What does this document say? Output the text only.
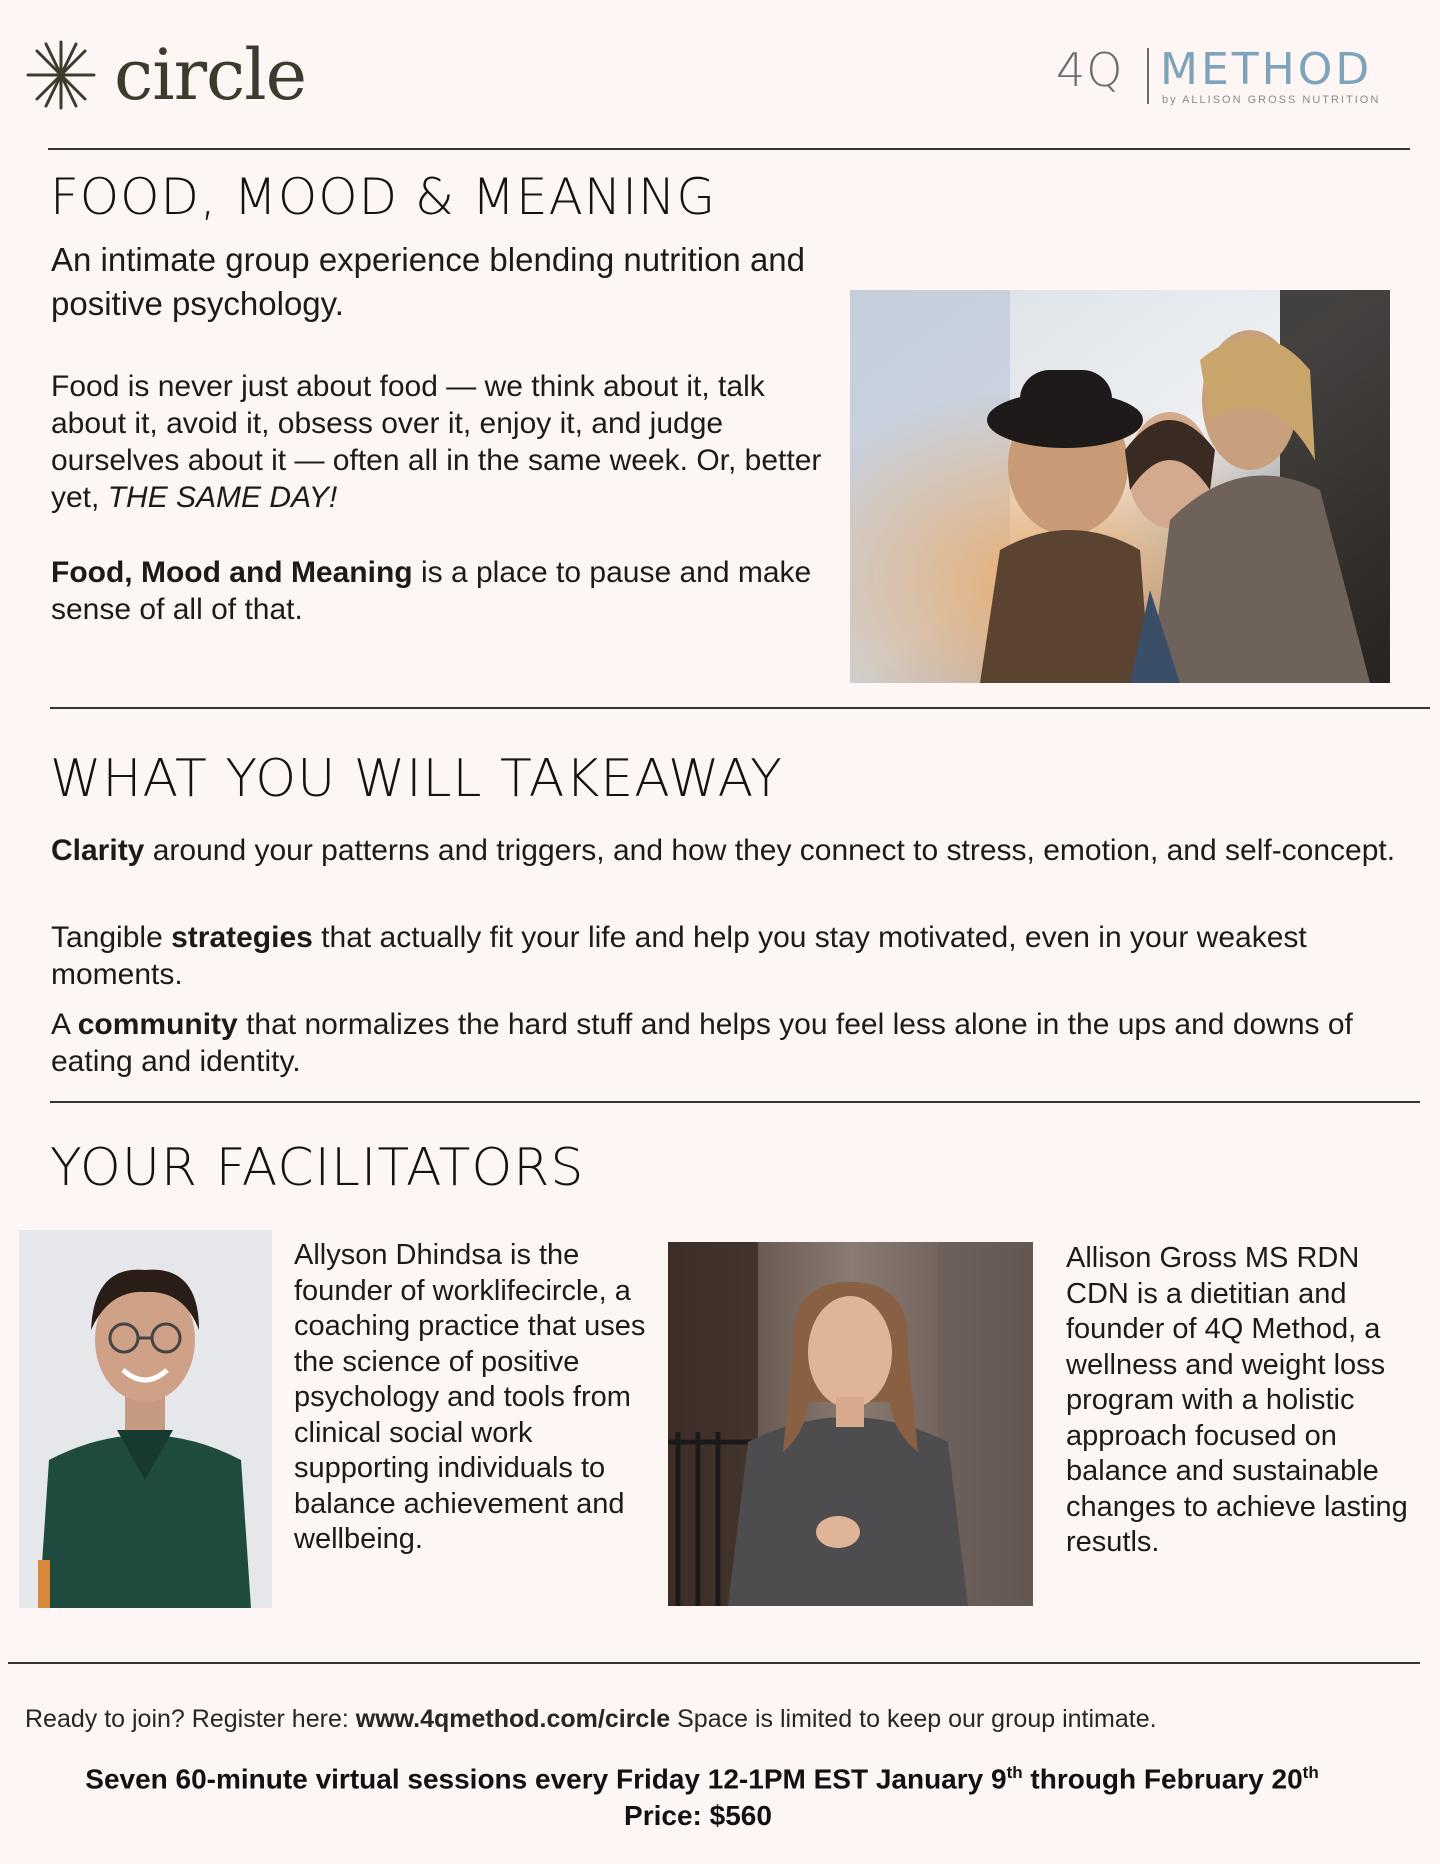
circle	4Q METHOD
by ALLISON GROSS NUTRITION
FOOD, MOOD & MEANING
An intimate group experience blending nutrition and positive psychology.
Food is never just about food — we think about it, talk about it, avoid it, obsess over it, enjoy it, and judge ourselves about it — often all in the same week. Or, better yet, THE SAME DAY!
Food, Mood and Meaning is a place to pause and make sense of all of that.
WHAT YOU WILL TAKEAWAY
Clarity around your patterns and triggers, and how they connect to stress, emotion, and self-concept.
Tangible strategies that actually fit your life and help you stay motivated, even in your weakest moments.
A community that normalizes the hard stuff and helps you feel less alone in the ups and downs of eating and identity.
YOUR FACILITATORS
Allyson Dhindsa is the founder of worklifecircle, a coaching practice that uses the science of positive psychology and tools from clinical social work supporting individuals to balance achievement and wellbeing.
Allison Gross MS RDN CDN is a dietitian and founder of 4Q Method, a wellness and weight loss program with a holistic approach focused on balance and sustainable changes to achieve lasting resutls.
Ready to join? Register here: www.4qmethod.com/circle Space is limited to keep our group intimate.
Seven 60-minute virtual sessions every Friday 12-1PM EST January 9th through February 20th
Price: $560
